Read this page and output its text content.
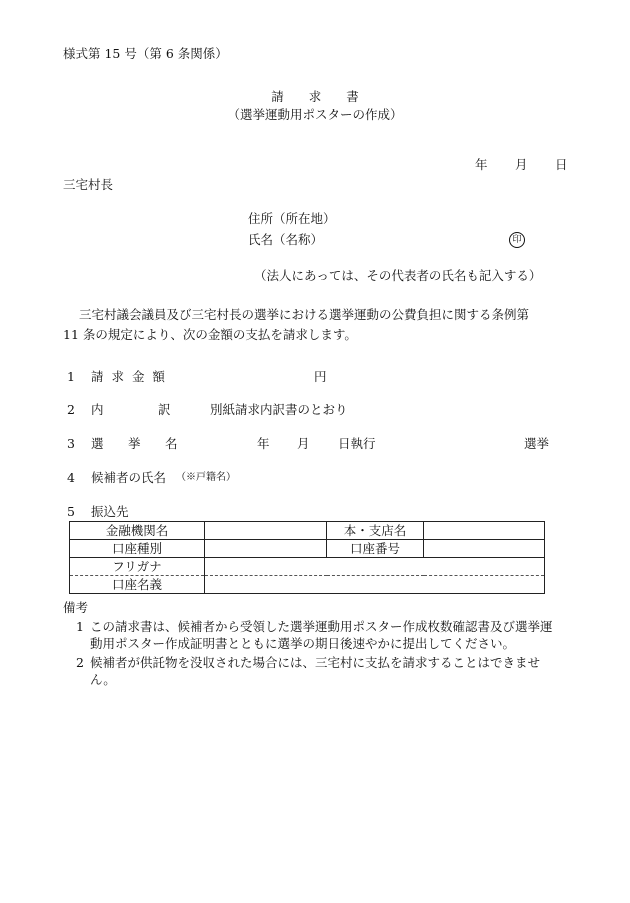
様式第 15 号（第 6 条関係）
請　　求　　書
（選挙運動用ポスターの作成）
年 月 日
三宅村長
住所（所在地）
氏名（名称）	印
（法人にあっては、その代表者の氏名も記入する）
三宅村議会議員及び三宅村長の選挙における選挙運動の公費負担に関する条例第
11 条の規定により、次の金額の支払を請求します。
1 請 求 金 額	円
2 内	訳	別紙請求内訳書のとおり
3 選 挙 名	年 月 日執行	選挙
4 候補者の氏名 （※戸籍名）
5 振込先
金融機関名		本・支店名	
口座種別		口座番号	
フリガナ			
口座名義			
備考
1 この請求書は、候補者から受領した選挙運動用ポスター作成枚数確認書及び選挙運動用ポスター作成証明書とともに選挙の期日後速やかに提出してください。
2 候補者が供託物を没収された場合には、三宅村に支払を請求することはできません。
